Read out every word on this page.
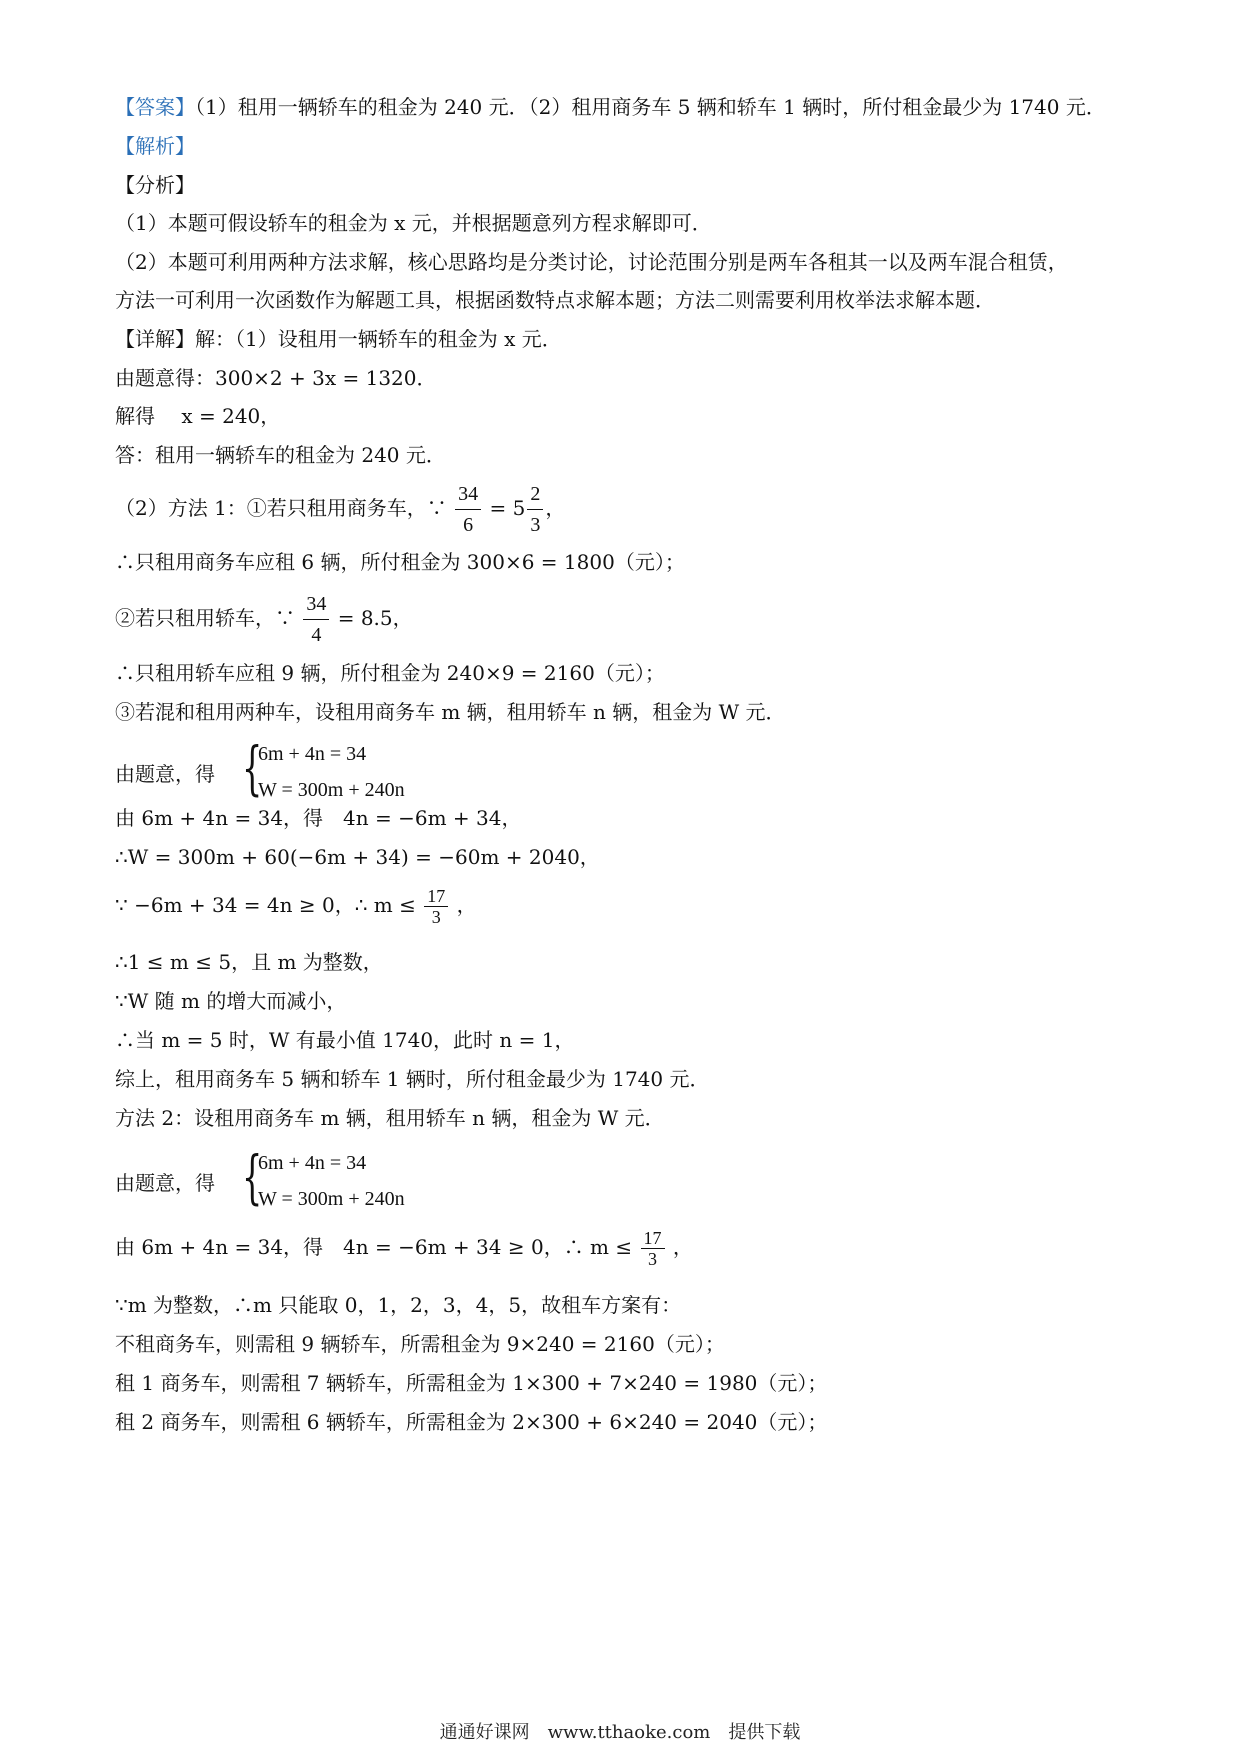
【答案】（1）租用一辆轿车的租金为 240 元．（2）租用商务车 5 辆和轿车 1 辆时，所付租金最少为 1740 元．
【解析】
【分析】
（1）本题可假设轿车的租金为 x 元，并根据题意列方程求解即可．
（2）本题可利用两种方法求解，核心思路均是分类讨论，讨论范围分别是两车各租其一以及两车混合租赁，
方法一可利用一次函数作为解题工具，根据函数特点求解本题；方法二则需要利用枚举法求解本题．
【详解】解：（1）设租用一辆轿车的租金为 x 元．
由题意得：300×2 + 3x = 1320．
解得　 x = 240，
答：租用一辆轿车的租金为 240 元．
（2）方法 1：①若只租用商务车，∵ $\frac{34}{6} = 5 \frac{2}{3}$ ，
∴只租用商务车应租 6 辆，所付租金为 300×6 = 1800（元）；
②若只租用轿车，∵ $\frac{34}{4} = 8.5$，
∴只租用轿车应租 9 辆，所付租金为 240×9 = 2160（元）；
③若混和租用两种车，设租用商务车 m 辆，租用轿车 n 辆，租金为 W 元．
由题意，得 {
6m + 4n = 34
W = 300m + 240n
由 6m + 4n = 34，得　4n = −6m + 34，
∴W = 300m + 60(−6m + 34) = −60m + 2040，
∵ −6m + 34 = 4n ≥ 0，∴ $m \le \frac{17}{3}$ ，
∴1 ≤ m ≤ 5，且 m 为整数，
∵W 随 m 的增大而减小，
∴当 m = 5 时，W 有最小值 1740，此时 n = 1，
综上，租用商务车 5 辆和轿车 1 辆时，所付租金最少为 1740 元．
方法 2：设租用商务车 m 辆，租用轿车 n 辆，租金为 W 元．
由题意，得 {
6m + 4n = 34
W = 300m + 240n
由 6m + 4n = 34，得　4n = −6m + 34 ≥ 0，∴ $m \le \frac{17}{3}$ ，
∵m 为整数，∴m 只能取 0，1，2，3，4，5，故租车方案有：
不租商务车，则需租 9 辆轿车，所需租金为 9×240 = 2160（元）；
租 1 商务车，则需租 7 辆轿车，所需租金为 1×300 + 7×240 = 1980（元）；
租 2 商务车，则需租 6 辆轿车，所需租金为 2×300 + 6×240 = 2040（元）；
通通好课网　www.tthaoke.com　提供下载
